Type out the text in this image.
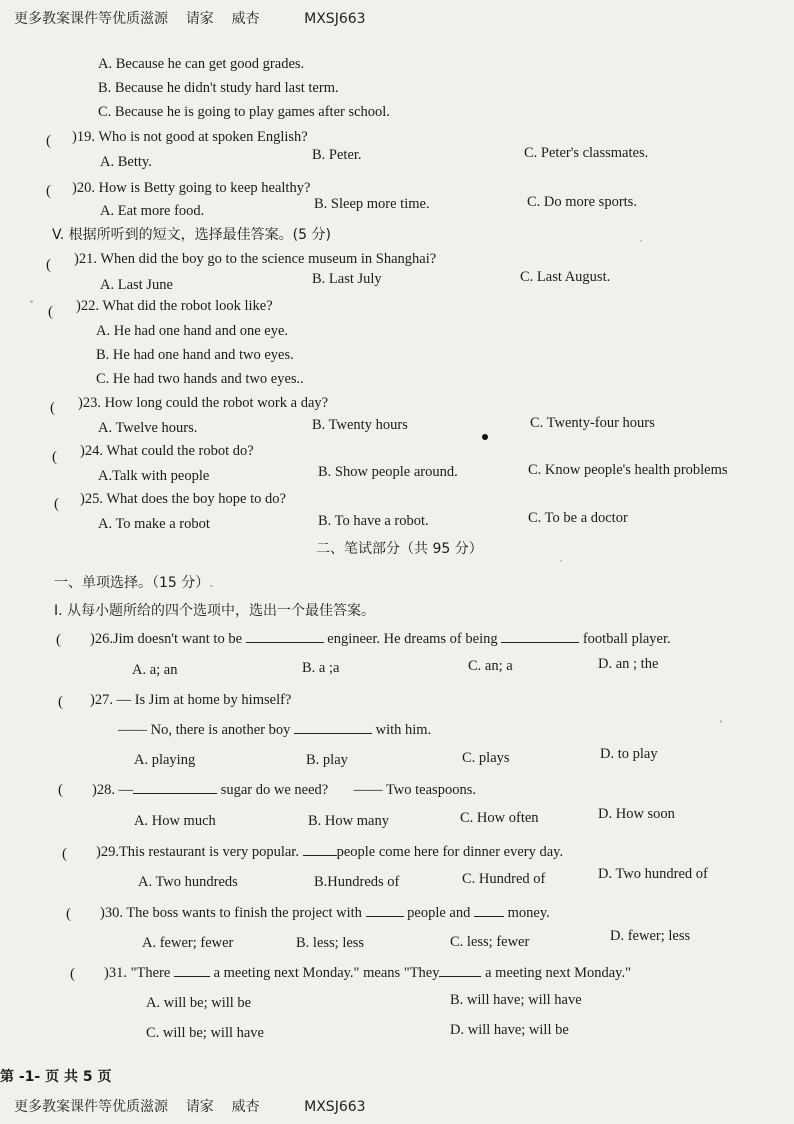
更多教案课件等优质滋源 请家 威杏	MXSJ663
A. Because he can get good grades.
B. Because he didn't study hard last term.
C. Because he is going to play games after school.
( )19. Who is not good at spoken English?
A. Betty.	B. Peter.	C. Peter's classmates.
( )20. How is Betty going to keep healthy?
A. Eat more food.	B. Sleep more time.	C. Do more sports.
V. 根据所听到的短文，选择最佳答案。(5 分)
( )21. When did the boy go to the science museum in Shanghai?
A. Last June	B. Last July	C. Last August.
( )22. What did the robot look like?
A. He had one hand and one eye.
B. He had one hand and two eyes.
C. He had two hands and two eyes..
( )23. How long could the robot work a day?
A. Twelve hours.	B. Twenty hours	C. Twenty-four hours
( )24. What could the robot do?
A.Talk with people	B. Show people around.	C. Know people's health problems
( )25. What does the boy hope to do?
A. To make a robot	B. To have a robot.	C. To be a doctor
二、笔试部分（共 95 分）
一、单项选择。（15 分）
I. 从每小题所给的四个选项中，选出一个最佳答案。
( )26.Jim doesn't want to be	engineer. He dreams of being	football player.
A. a; an	B. a ;a	C. an; a	D. an ; the
( )27. — Is Jim at home by himself?
—— No, there is another boy	with him.
A. playing	B. play	C. plays	D. to play
( )28. —	sugar do we need? —— Two teaspoons.
A. How much	B. How many	C. How often	D. How soon
( )29.This restaurant is very popular.	people come here for dinner every day.
A. Two hundreds	B.Hundreds of	C. Hundred of	D. Two hundred of
( )30. The boss wants to finish the project with	people and	money.
A. fewer; fewer	B. less; less	C. less; fewer	D. fewer; less
( )31. "There	a meeting next Monday." means "They	a meeting next Monday."
A. will be; will be	B. will have; will have
C. will be; will have	D. will have; will be
第 -1- 页 共 5 页
更多教案课件等优质滋源 请家 威杏	MXSJ663
